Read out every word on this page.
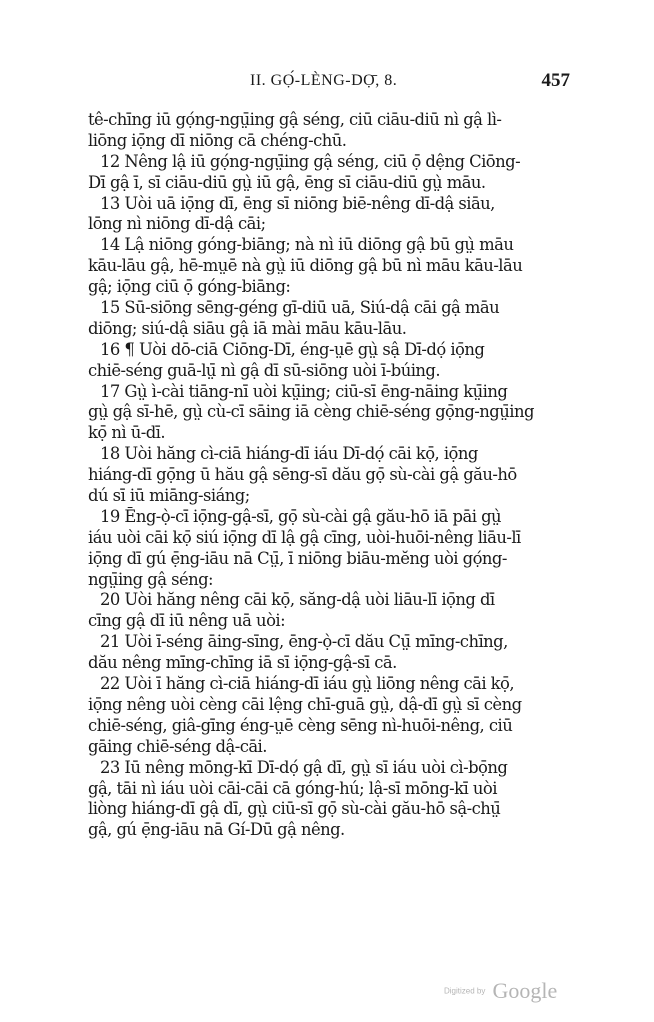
II. GỌ́-LÈNG-DỌ̄, 8.	457
tê-chīng iū gọ́ng-ngṳ̄ing gậ séng, ciū ciāu-diū nì gậ lì-
liōng iọ̄ng dī niōng cā chéng-chū.
12 Nêng lậ iū gọ́ng-ngṳ̄ing gậ séng, ciū ọ̄ dệng Ciōng-
Dī gậ ī, sī ciāu-diū gṳ̀ iū gậ, ēng sī ciāu-diū gṳ̀ māu.
13 Uòi uā iọ̄ng dī, ēng sī niōng biē-nêng dī-dậ siāu,
lōng nì niōng dī-dậ cāi;
14 Lậ niōng góng-biāng; nà nì iū diōng gậ bū gṳ̀ māu
kāu-lāu gậ, hē-mṳē nà gṳ̀ iū diōng gậ bū nì māu kāu-lāu
gậ; iọ̄ng ciū ọ̄ góng-biāng:
15 Sū-siōng sēng-géng gī-diū uā, Siú-dậ cāi gậ māu
diōng; siú-dậ siāu gậ iā mài māu kāu-lāu.
16 ¶ Uòi dō-ciā Ciōng-Dī, éng-ṳē gṳ̀ sậ Dī-dọ́ iọ̄ng
chiē-séng guā-lṳ̄ nì gậ dī sū-siōng uòi ī-búing.
17 Gṳ̀ ì-cài tiāng-nī uòi kṳ̄ing; ciū-sī ēng-nāing kṳ̄ing
gṳ̀ gậ sī-hē, gṳ̀ cù-cī sāing iā cèng chiē-séng gọ̄ng-ngṳ̄ing
kọ̄ nì ū-dī.
18 Uòi hăng cì-ciā hiáng-dī iáu Dī-dọ́ cāi kọ̄, iọ̄ng
hiáng-dī gọ̄ng ū hău gậ sēng-sī dău gọ̄ sù-cài gậ gău-hō
dú sī iū miāng-siáng;
19 Ēng-ọ̀-cī iọ̄ng-gậ-sī, gọ̄ sù-cài gậ gău-hō iā pāi gṳ̀
iáu uòi cāi kọ̄ siú iọ̄ng dī lậ gậ cīng, uòi-huōi-nêng liāu-lī
iọ̄ng dī gú ẹ̄ng-iāu nā Cṳ̄, ī niōng biāu-mĕng uòi gọ́ng-
ngṳ̄ing gậ séng:
20 Uòi hăng nêng cāi kọ̄, săng-dậ uòi liāu-lī iọ̄ng dī
cīng gậ dī iū nêng uā uòi:
21 Uòi ī-séng āing-sīng, ēng-ọ̀-cī dău Cṳ̄ mīng-chīng,
dău nêng mīng-chīng iā sī iọ̄ng-gậ-sī cā.
22 Uòi ī hăng cì-ciā hiáng-dī iáu gṳ̀ liōng nêng cāi kọ̄,
iọ̄ng nêng uòi cèng cāi lệng chī-guā gṳ̀, dậ-dī gṳ̀ sī cèng
chiē-séng, giâ-gīng éng-ṳē cèng sēng nì-huōi-nêng, ciū
gāing chiē-séng dậ-cāi.
23 Iū nêng mōng-kī Dī-dọ́ gậ dī, gṳ̀ sī iáu uòi cì-bọ̄ng
gậ, tāi nì iáu uòi cāi-cāi cā góng-hú; lậ-sī mōng-kī uòi
liòng hiáng-dī gậ dī, gṳ̀ ciū-sī gọ̄ sù-cài gău-hō sậ-chṳ̄
gậ, gú ẹ̄ng-iāu nā Gí-Dū gậ nêng.
Digitized by Google
